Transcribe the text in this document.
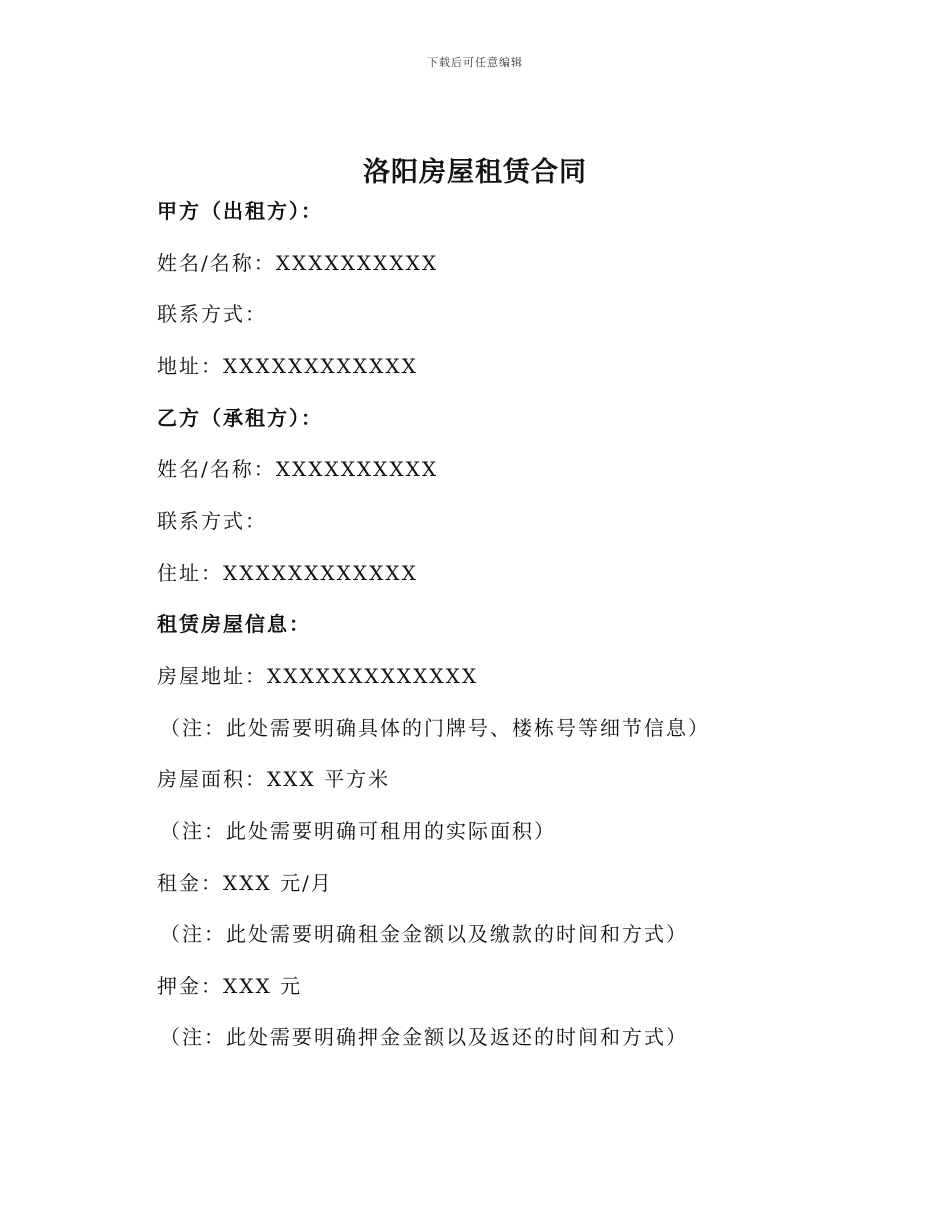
下载后可任意编辑
洛阳房屋租赁合同
甲方（出租方）：
姓名/名称：XXXXXXXXXX
联系方式：
地址：XXXXXXXXXXXX
乙方（承租方）：
姓名/名称：XXXXXXXXXX
联系方式：
住址：XXXXXXXXXXXX
租赁房屋信息：
房屋地址：XXXXXXXXXXXXX
（注：此处需要明确具体的门牌号、楼栋号等细节信息）
房屋面积：XXX 平方米
（注：此处需要明确可租用的实际面积）
租金：XXX 元/月
（注：此处需要明确租金金额以及缴款的时间和方式）
押金：XXX 元
（注：此处需要明确押金金额以及返还的时间和方式）
